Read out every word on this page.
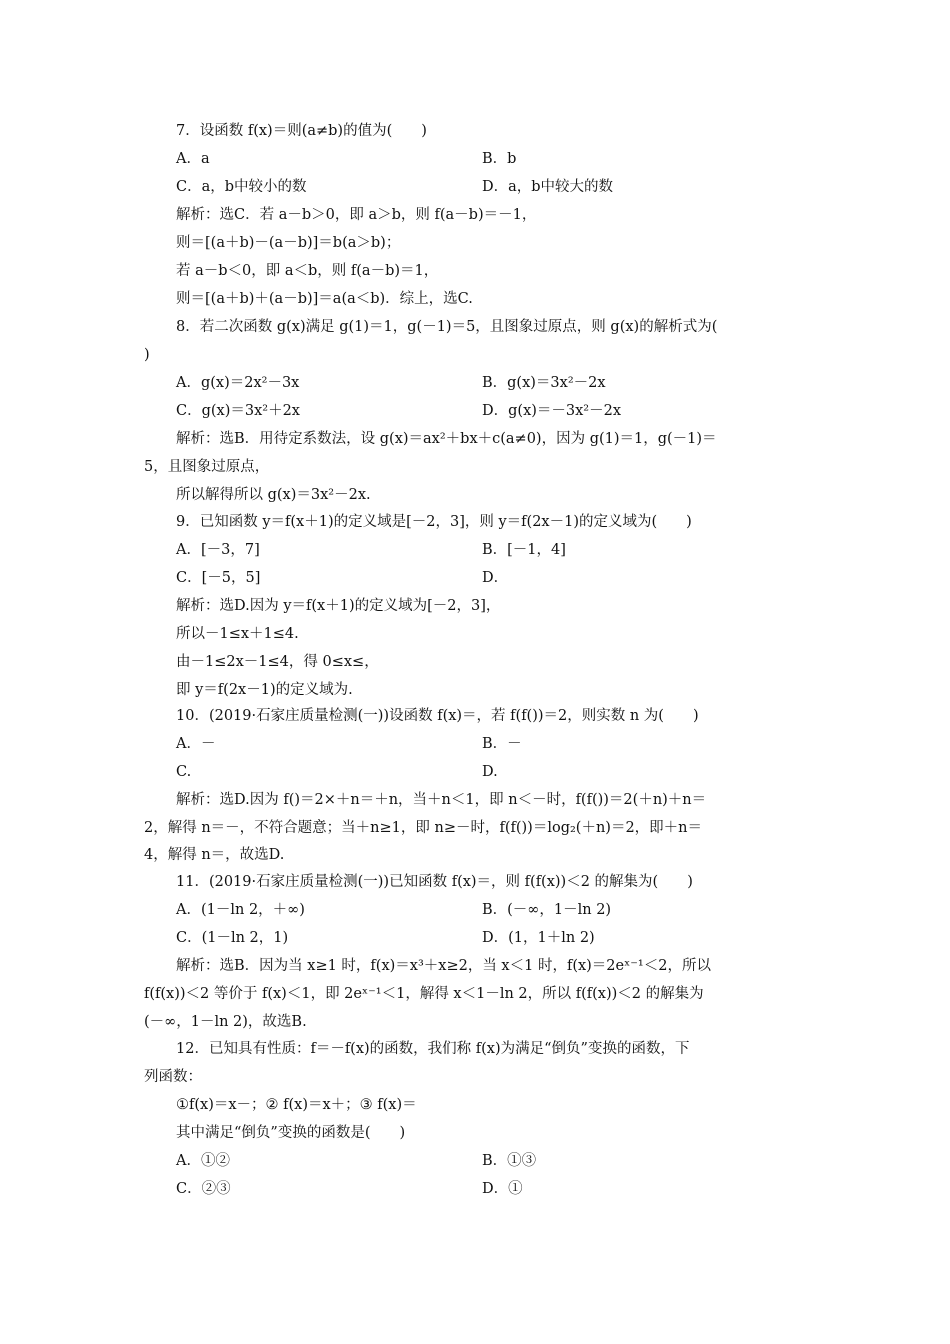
7．设函数 f(x)＝则(a≠b)的值为(　　)
A．a	B．b
C．a，b中较小的数	D．a，b中较大的数
解析：选C．若 a－b＞0，即 a＞b，则 f(a－b)＝－1，
则＝[(a＋b)－(a－b)]＝b(a＞b)；
若 a－b＜0，即 a＜b，则 f(a－b)＝1，
则＝[(a＋b)＋(a－b)]＝a(a＜b)．综上，选C.
8．若二次函数 g(x)满足 g(1)＝1，g(－1)＝5，且图象过原点，则 g(x)的解析式为(
)
A．g(x)＝2x²－3x	B．g(x)＝3x²－2x
C．g(x)＝3x²＋2x	D．g(x)＝－3x²－2x
解析：选B．用待定系数法，设 g(x)＝ax²＋bx＋c(a≠0)，因为 g(1)＝1，g(－1)＝
5，且图象过原点，
所以解得所以 g(x)＝3x²－2x.
9．已知函数 y＝f(x＋1)的定义域是[－2，3]，则 y＝f(2x－1)的定义域为(　　)
A．[－3，7]	B．[－1，4]
C．[－5，5]	D．
解析：选D.因为 y＝f(x＋1)的定义域为[－2，3]，
所以－1≤x＋1≤4.
由－1≤2x－1≤4，得 0≤x≤，
即 y＝f(2x－1)的定义域为.
10．(2019·石家庄质量检测(一))设函数 f(x)＝，若 f(f())＝2，则实数 n 为(　　)
A．－	B．－
C.	D.
解析：选D.因为 f()＝2×＋n＝＋n，当＋n＜1，即 n＜－时，f(f())＝2(＋n)＋n＝
2，解得 n＝－，不符合题意；当＋n≥1，即 n≥－时，f(f())＝log₂(＋n)＝2，即＋n＝
4，解得 n＝，故选D.
11．(2019·石家庄质量检测(一))已知函数 f(x)＝，则 f(f(x))＜2 的解集为(　　)
A．(1－ln 2，＋∞)	B．(－∞，1－ln 2)
C．(1－ln 2，1)	D．(1，1＋ln 2)
解析：选B．因为当 x≥1 时，f(x)＝x³＋x≥2，当 x＜1 时，f(x)＝2eˣ⁻¹＜2，所以
f(f(x))＜2 等价于 f(x)＜1，即 2eˣ⁻¹＜1，解得 x＜1－ln 2，所以 f(f(x))＜2 的解集为
(－∞，1－ln 2)，故选B.
12．已知具有性质：f＝－f(x)的函数，我们称 f(x)为满足“倒负”变换的函数，下
列函数：
①f(x)＝x－；② f(x)＝x＋；③ f(x)＝
其中满足“倒负”变换的函数是(　　)
A．①②	B．①③
C．②③	D．①
